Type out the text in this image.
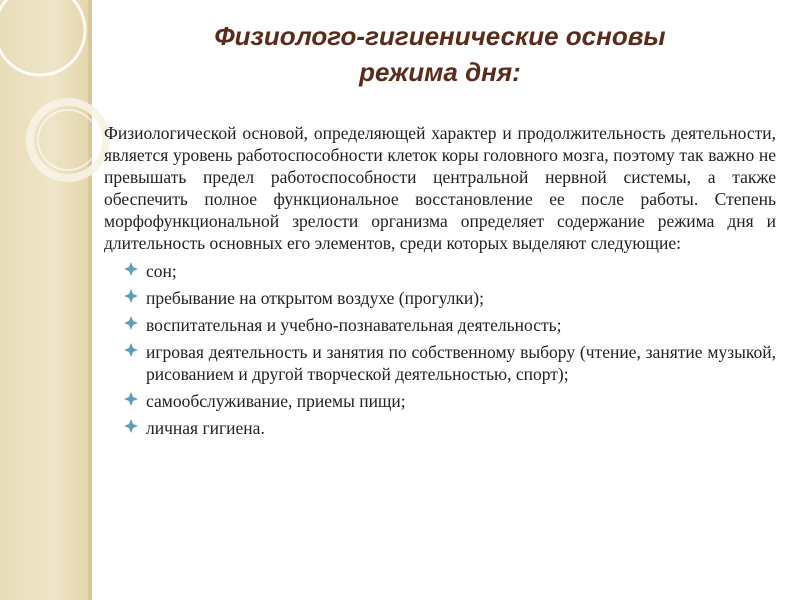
Физиолого-гигиенические основы
режима дня:

Физиологической основой, определяющей характер и продолжительность деятельности, является уровень работоспособности клеток коры головного мозга, поэтому так важно не превышать предел работоспособности центральной нервной системы, а также обеспечить полное функциональное восстановление ее после работы. Степень морфофункциональной зрелости организма определяет содержание режима дня и длительность основных его элементов, среди которых выделяют следующие:

сон;
пребывание на открытом воздухе (прогулки);
воспитательная и учебно-познавательная деятельность;
игровая деятельность и занятия по собственному выбору (чтение, занятие музыкой, рисованием и другой творческой деятельностью, спорт);
самообслуживание, приемы пищи;
личная гигиена.
